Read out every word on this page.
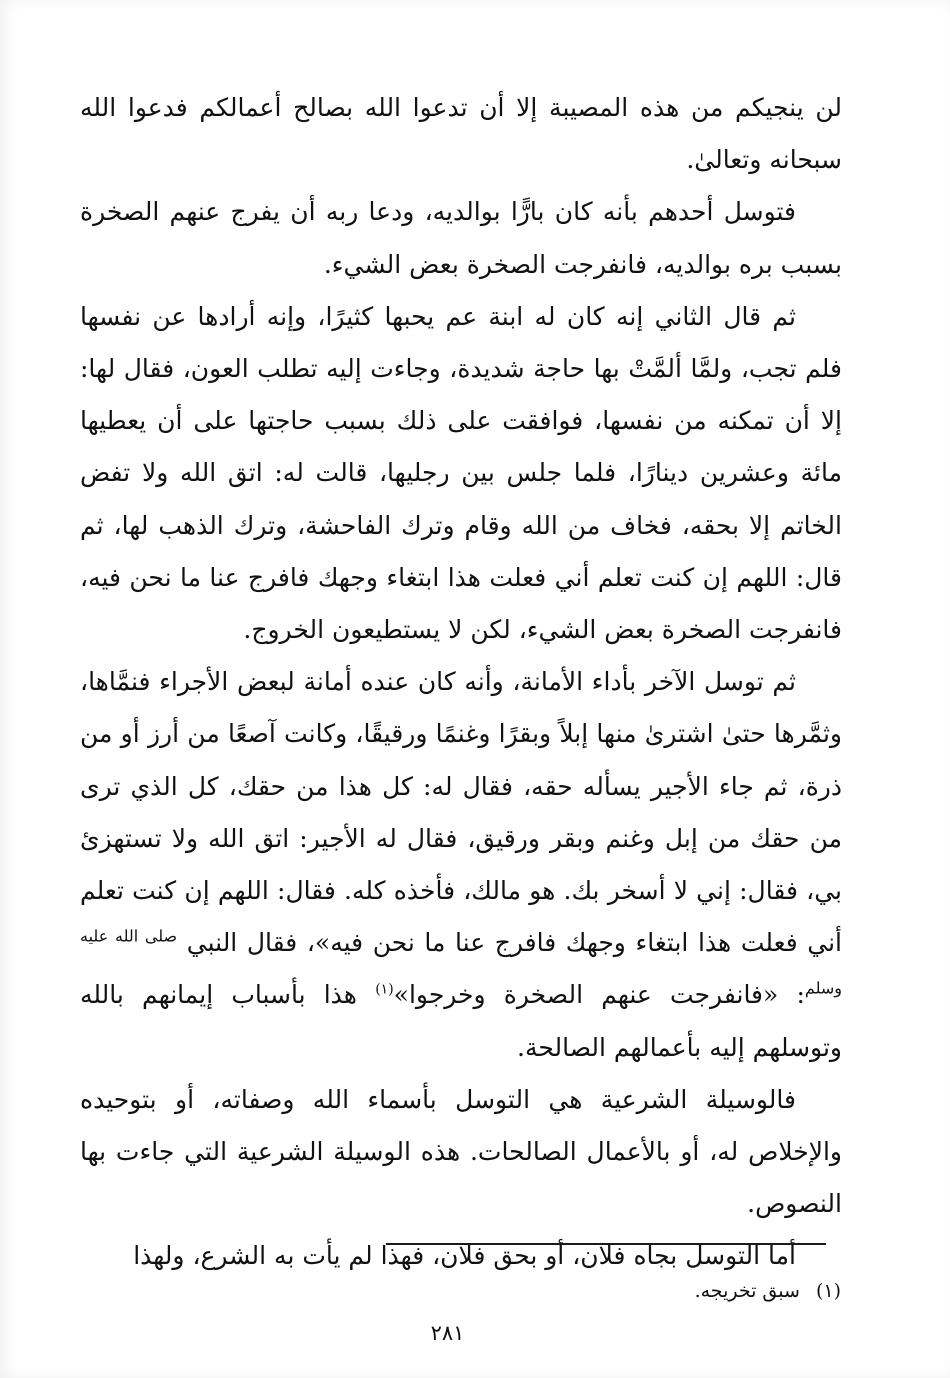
لن ينجيكم من هذه المصيبة إلا أن تدعوا الله بصالح أعمالكم فدعوا الله سبحانه وتعالىٰ.

فتوسل أحدهم بأنه كان بارًّا بوالديه، ودعا ربه أن يفرج عنهم الصخرة بسبب بره بوالديه، فانفرجت الصخرة بعض الشيء.

ثم قال الثاني إنه كان له ابنة عم يحبها كثيرًا، وإنه أرادها عن نفسها فلم تجب، ولمَّا ألمَّتْ بها حاجة شديدة، وجاءت إليه تطلب العون، فقال لها: إلا أن تمكنه من نفسها، فوافقت على ذلك بسبب حاجتها على أن يعطيها مائة وعشرين دينارًا، فلما جلس بين رجليها، قالت له: اتق الله ولا تفض الخاتم إلا بحقه، فخاف من الله وقام وترك الفاحشة، وترك الذهب لها، ثم قال: اللهم إن كنت تعلم أني فعلت هذا ابتغاء وجهك فافرج عنا ما نحن فيه، فانفرجت الصخرة بعض الشيء، لكن لا يستطيعون الخروج.

ثم توسل الآخر بأداء الأمانة، وأنه كان عنده أمانة لبعض الأجراء فنمَّاها، وثمَّرها حتىٰ اشترىٰ منها إبلاً وبقرًا وغنمًا ورقيقًا، وكانت آصعًا من أرز أو من ذرة، ثم جاء الأجير يسأله حقه، فقال له: كل هذا من حقك، كل الذي ترى من حقك من إبل وغنم وبقر ورقيق، فقال له الأجير: اتق الله ولا تستهزئ بي، فقال: إني لا أسخر بك. هو مالك، فأخذه كله. فقال: اللهم إن كنت تعلم أني فعلت هذا ابتغاء وجهك فافرج عنا ما نحن فيه»، فقال النبي $^{صلى الله عليه وسلم}$: «فانفرجت عنهم الصخرة وخرجوا»$^{(١)}$ هذا بأسباب إيمانهم بالله وتوسلهم إليه بأعمالهم الصالحة.

فالوسيلة الشرعية هي التوسل بأسماء الله وصفاته، أو بتوحيده والإخلاص له، أو بالأعمال الصالحات. هذه الوسيلة الشرعية التي جاءت بها النصوص.

أما التوسل بجاه فلان، أو بحق فلان، فهذا لم يأت به الشرع، ولهذا

(١)سبق تخريجه.
٢٨١
